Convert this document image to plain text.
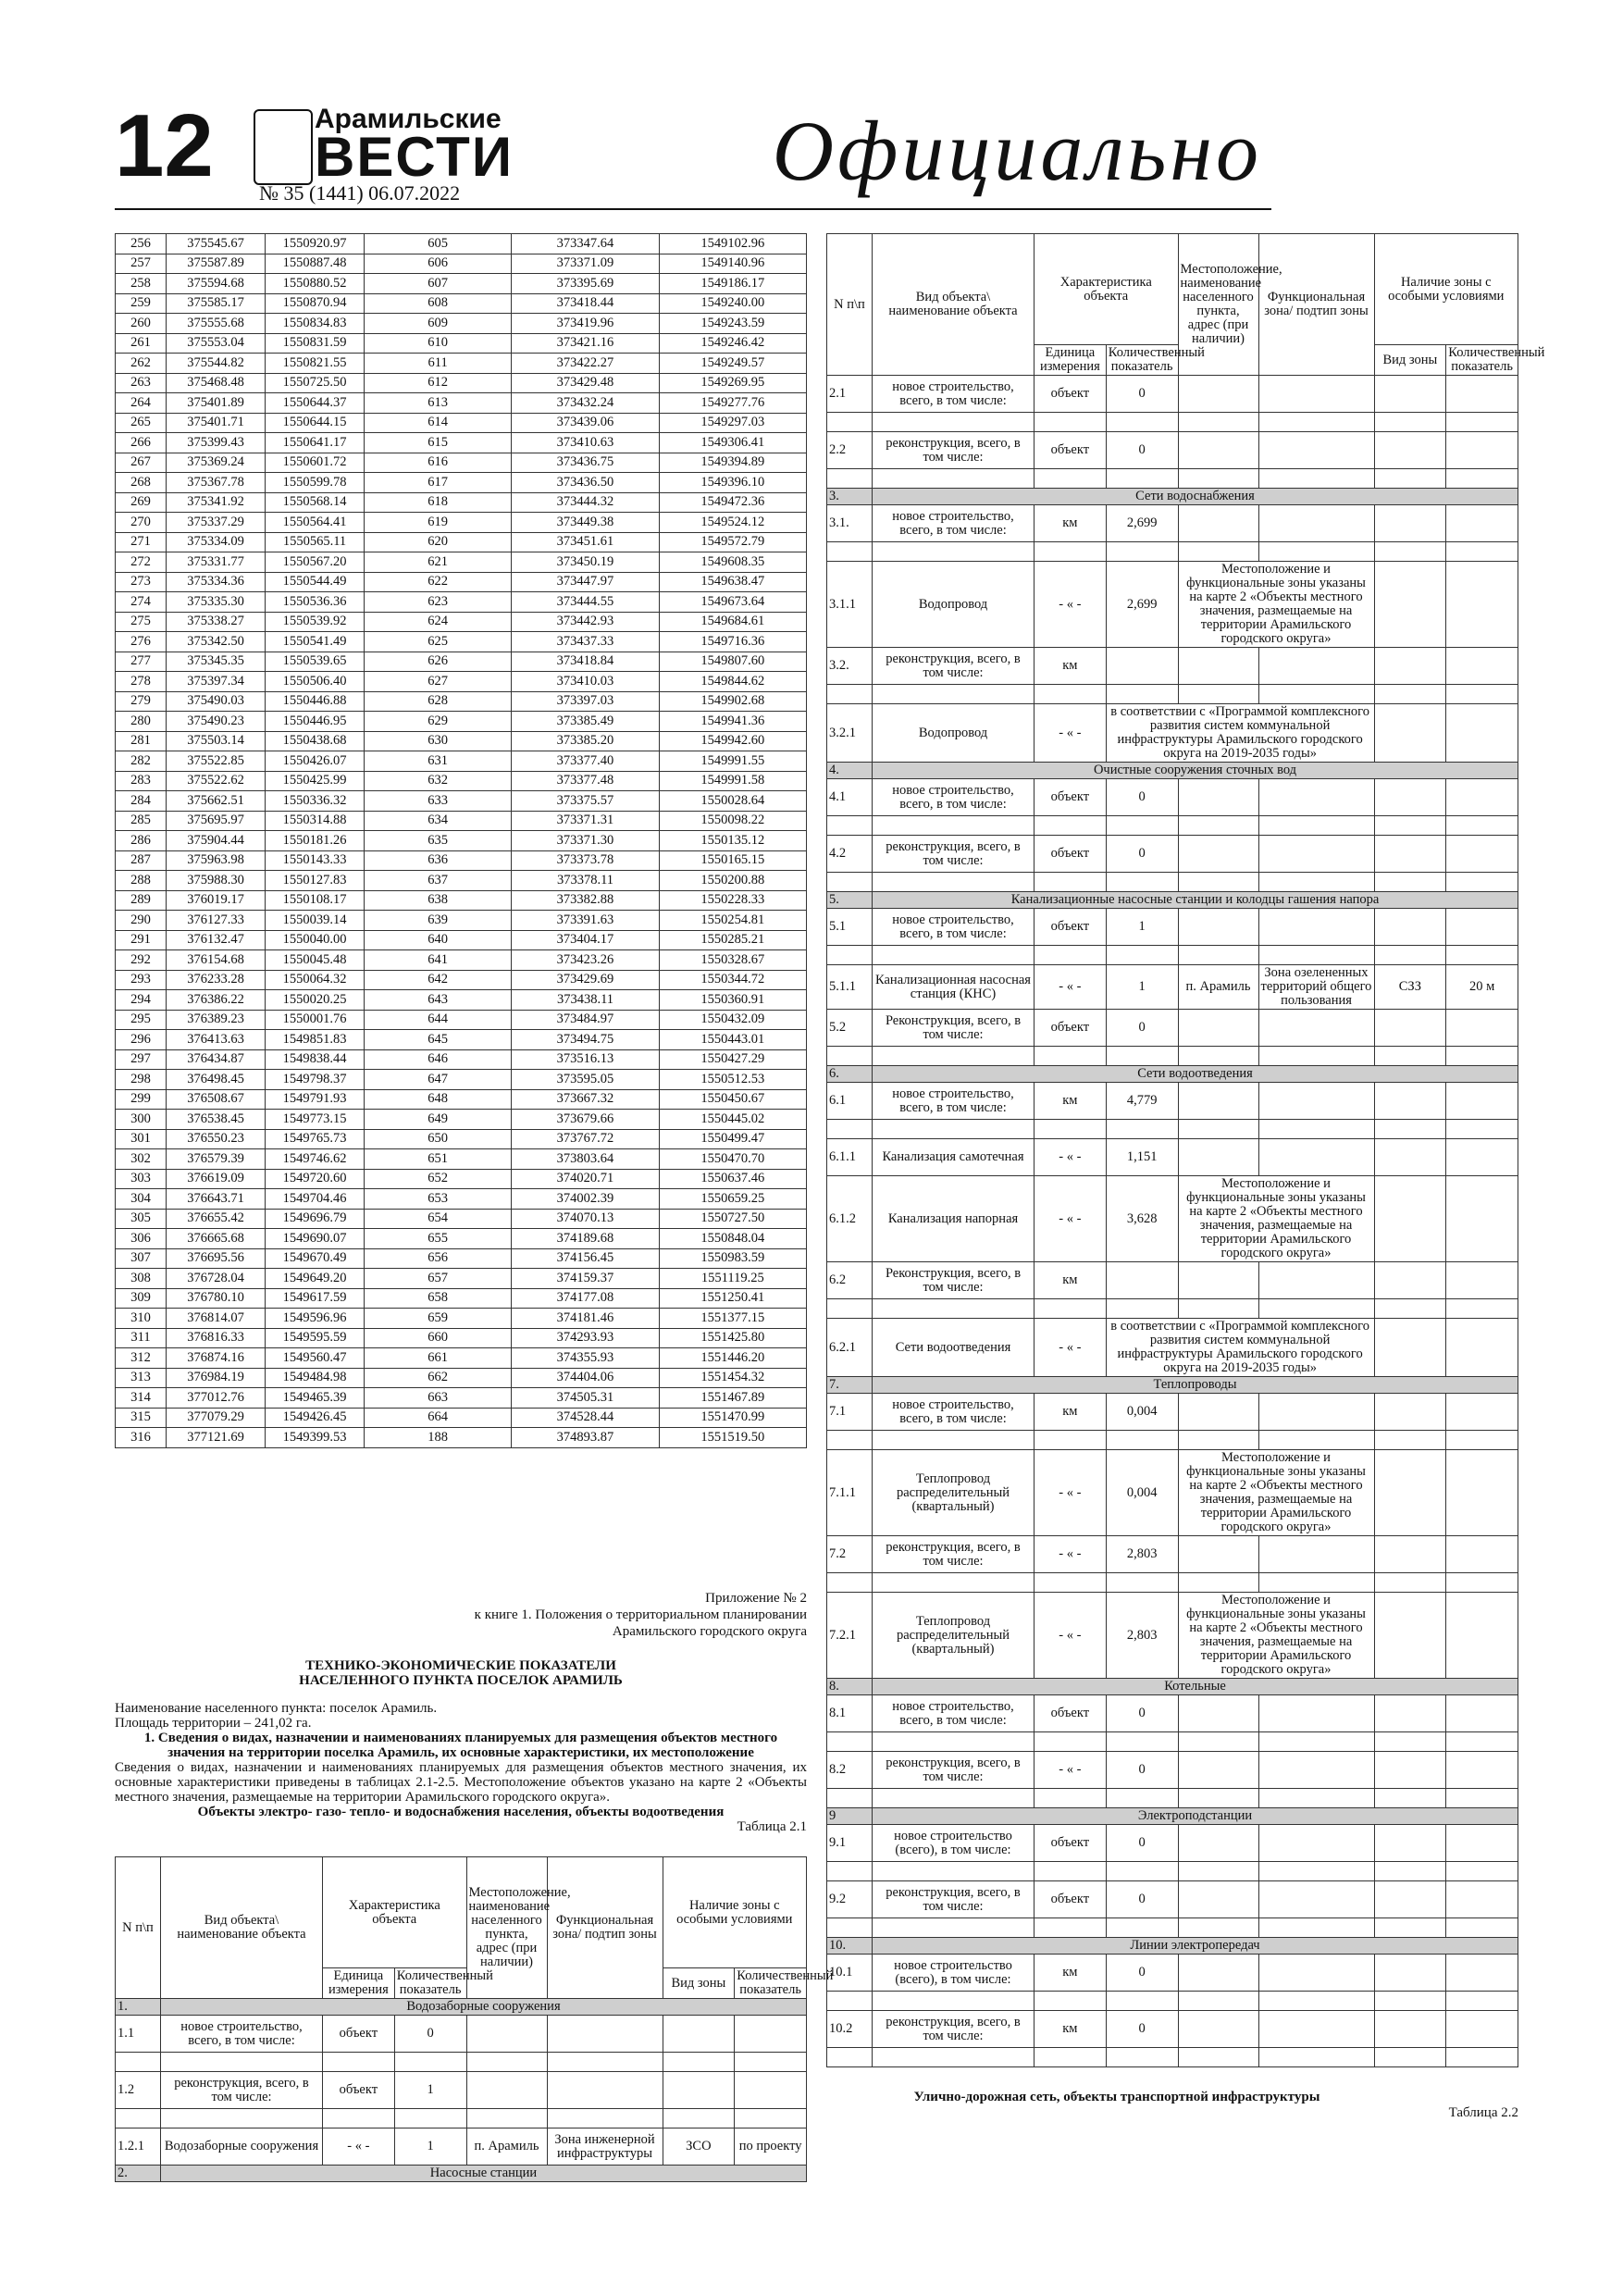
12	Арамильские
ВЕСТИ
№ 35 (1441) 06.07.2022	Официально
256	375545.67	1550920.97	605	373347.64	1549102.96
257	375587.89	1550887.48	606	373371.09	1549140.96
258	375594.68	1550880.52	607	373395.69	1549186.17
259	375585.17	1550870.94	608	373418.44	1549240.00
260	375555.68	1550834.83	609	373419.96	1549243.59
261	375553.04	1550831.59	610	373421.16	1549246.42
262	375544.82	1550821.55	611	373422.27	1549249.57
263	375468.48	1550725.50	612	373429.48	1549269.95
264	375401.89	1550644.37	613	373432.24	1549277.76
265	375401.71	1550644.15	614	373439.06	1549297.03
266	375399.43	1550641.17	615	373410.63	1549306.41
267	375369.24	1550601.72	616	373436.75	1549394.89
268	375367.78	1550599.78	617	373436.50	1549396.10
269	375341.92	1550568.14	618	373444.32	1549472.36
270	375337.29	1550564.41	619	373449.38	1549524.12
271	375334.09	1550565.11	620	373451.61	1549572.79
272	375331.77	1550567.20	621	373450.19	1549608.35
273	375334.36	1550544.49	622	373447.97	1549638.47
274	375335.30	1550536.36	623	373444.55	1549673.64
275	375338.27	1550539.92	624	373442.93	1549684.61
276	375342.50	1550541.49	625	373437.33	1549716.36
277	375345.35	1550539.65	626	373418.84	1549807.60
278	375397.34	1550506.40	627	373410.03	1549844.62
279	375490.03	1550446.88	628	373397.03	1549902.68
280	375490.23	1550446.95	629	373385.49	1549941.36
281	375503.14	1550438.68	630	373385.20	1549942.60
282	375522.85	1550426.07	631	373377.40	1549991.55
283	375522.62	1550425.99	632	373377.48	1549991.58
284	375662.51	1550336.32	633	373375.57	1550028.64
285	375695.97	1550314.88	634	373371.31	1550098.22
286	375904.44	1550181.26	635	373371.30	1550135.12
287	375963.98	1550143.33	636	373373.78	1550165.15
288	375988.30	1550127.83	637	373378.11	1550200.88
289	376019.17	1550108.17	638	373382.88	1550228.33
290	376127.33	1550039.14	639	373391.63	1550254.81
291	376132.47	1550040.00	640	373404.17	1550285.21
292	376154.68	1550045.48	641	373423.26	1550328.67
293	376233.28	1550064.32	642	373429.69	1550344.72
294	376386.22	1550020.25	643	373438.11	1550360.91
295	376389.23	1550001.76	644	373484.97	1550432.09
296	376413.63	1549851.83	645	373494.75	1550443.01
297	376434.87	1549838.44	646	373516.13	1550427.29
298	376498.45	1549798.37	647	373595.05	1550512.53
299	376508.67	1549791.93	648	373667.32	1550450.67
300	376538.45	1549773.15	649	373679.66	1550445.02
301	376550.23	1549765.73	650	373767.72	1550499.47
302	376579.39	1549746.62	651	373803.64	1550470.70
303	376619.09	1549720.60	652	374020.71	1550637.46
304	376643.71	1549704.46	653	374002.39	1550659.25
305	376655.42	1549696.79	654	374070.13	1550727.50
306	376665.68	1549690.07	655	374189.68	1550848.04
307	376695.56	1549670.49	656	374156.45	1550983.59
308	376728.04	1549649.20	657	374159.37	1551119.25
309	376780.10	1549617.59	658	374177.08	1551250.41
310	376814.07	1549596.96	659	374181.46	1551377.15
311	376816.33	1549595.59	660	374293.93	1551425.80
312	376874.16	1549560.47	661	374355.93	1551446.20
313	376984.19	1549484.98	662	374404.06	1551454.32
314	377012.76	1549465.39	663	374505.31	1551467.89
315	377079.29	1549426.45	664	374528.44	1551470.99
316	377121.69	1549399.53	188	374893.87	1551519.50
Приложение № 2
к книге 1. Положения о территориальном планировании
Арамильского городского округа
ТЕХНИКО-ЭКОНОМИЧЕСКИЕ ПОКАЗАТЕЛИ
НАСЕЛЕННОГО ПУНКТА ПОСЕЛОК АРАМИЛЬ

Наименование населенного пункта: поселок Арамиль.

Площадь территории – 241,02 га.

1. Сведения о видах, назначении и наименованиях планируемых для размещения объектов местного значения на территории поселка Арамиль, их основные характеристики, их местоположение

Сведения о видах, назначении и наименованиях планируемых для размещения объектов местного значения, их основные характеристики приведены в таблицах 2.1-2.5. Местоположение объектов указано на карте 2 «Объекты местного значения, размещаемые на территории Арамильского городского округа».

Объекты электро- газо- тепло- и водоснабжения населения, объекты водоотведения

Таблица 2.1

N п\п	Вид объекта\ наименование объекта	Характеристика объекта		Местоположение, наименование населенного пункта, адрес (при наличии)	Функциональная зона/ подтип зоны	Наличие зоны с особыми условиями	
		Единица измерения	Количественный показатель			Вид зоны	Количественный показатель
1.	Водозаборные сооружения						
1.1	новое строительство, всего, в том числе:	объект	0				

1.2	реконструкция, всего, в том числе:	объект	1				

1.2.1	Водозаборные сооружения	- « -	1	п. Арамиль	Зона инженерной инфраструктуры	ЗСО	по проекту
2.	Насосные станции						
N п\п	Вид объекта\ наименование объекта	Характеристика объекта		Местоположение, наименование населенного пункта, адрес (при наличии)	Функциональная зона/ подтип зоны	Наличие зоны с особыми условиями	
		Единица измерения	Количественный показатель			Вид зоны	Количественный показатель
2.1	новое строительство, всего, в том числе:	объект	0				

2.2	реконструкция, всего, в том числе:	объект	0				

3.	Сети водоснабжения						
3.1.	новое строительство, всего, в том числе:	км	2,699				

3.1.1	Водопровод	- « -	2,699	Местоположение и функциональные зоны указаны на карте 2 «Объекты местного значения, размещаемые на территории Арамильского городского округа»			
3.2.	реконструкция, всего, в том числе:	км					

3.2.1	Водопровод	- « -	в соответствии с «Программой комплексного развития систем коммунальной инфраструктуры Арамильского городского округа на 2019-2035 годы»				
4.	Очистные сооружения сточных вод						
4.1	новое строительство, всего, в том числе:	объект	0				

4.2	реконструкция, всего, в том числе:	объект	0				

5.	Канализационные насосные станции и колодцы гашения напора						
5.1	новое строительство, всего, в том числе:	объект	1				

5.1.1	Канализационная насосная станция (КНС)	- « -	1	п. Арамиль	Зона озелененных территорий общего пользования	СЗЗ	20 м
5.2	Реконструкция, всего, в том числе:	объект	0				

6.	Сети водоотведения						
6.1	новое строительство, всего, в том числе:	км	4,779				

6.1.1	Канализация самотечная	- « -	1,151				
6.1.2	Канализация напорная	- « -	3,628	Местоположение и функциональные зоны указаны на карте 2 «Объекты местного значения, размещаемые на территории Арамильского городского округа»			
6.2	Реконструкция, всего, в том числе:	км					

6.2.1	Сети водоотведения	- « -	в соответствии с «Программой комплексного развития систем коммунальной инфраструктуры Арамильского городского округа на 2019-2035 годы»				
7.	Теплопроводы						
7.1	новое строительство, всего, в том числе:	км	0,004				

7.1.1	Теплопровод распределительный (квартальный)	- « -	0,004	Местоположение и функциональные зоны указаны на карте 2 «Объекты местного значения, размещаемые на территории Арамильского городского округа»			
7.2	реконструкция, всего, в том числе:	- « -	2,803				

7.2.1	Теплопровод распределительный (квартальный)	- « -	2,803	Местоположение и функциональные зоны указаны на карте 2 «Объекты местного значения, размещаемые на территории Арамильского городского округа»			
8.	Котельные						
8.1	новое строительство, всего, в том числе:	объект	0				

8.2	реконструкция, всего, в том числе:	- « -	0				

9	Электроподстанции						
9.1	новое строительство (всего), в том числе:	объект	0				

9.2	реконструкция, всего, в том числе:	объект	0				

10.	Линии электропередач						
10.1	новое строительство (всего), в том числе:	км	0				

10.2	реконструкция, всего, в том числе:	км	0				

Улично-дорожная сеть, объекты транспортной инфраструктуры
Таблица 2.2
